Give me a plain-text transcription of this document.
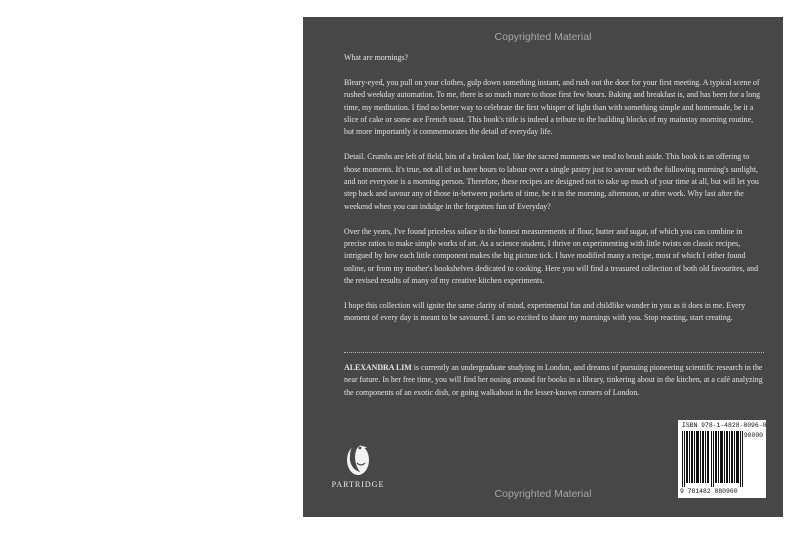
Copyrighted Material

What are mornings?

Bleary-eyed, you pull on your clothes, gulp down something instant, and rush out the door for your first meeting. A typical scene of rushed weekday automation. To me, there is so much more to those first few hours. Baking and breakfast is, and has been for a long time, my meditation. I find no better way to celebrate the first whisper of light than with something simple and homemade, be it a slice of cake or some ace French toast. This book's title is indeed a tribute to the building blocks of my mainstay morning routine, but more importantly it commemorates the detail of everyday life.

Detail. Crumbs are left of field, bits of a broken loaf, like the sacred moments we tend to brush aside. This book is an offering to those moments. It's true, not all of us have hours to labour over a single pastry just to savour with the following morning's sunlight, and not everyone is a morning person. Therefore, these recipes are designed not to take up much of your time at all, but will let you step back and savour any of those in-between pockets of time, be it in the morning, afternoon, or after work. Why last after the weekend when you can indulge in the forgotten fun of Everyday?

Over the years, I've found priceless solace in the honest measurements of flour, butter and sugar, of which you can combine in precise ratios to make simple works of art. As a science student, I thrive on experimenting with little twists on classic recipes, intrigued by how each little component makes the big picture tick. I have modified many a recipe, most of which I either found online, or from my mother's bookshelves dedicated to cooking. Here you will find a treasured collection of both old favourites, and the revised results of many of my creative kitchen experiments.

I hope this collection will ignite the same clarity of mind, experimental fun and childlike wonder in you as it does in me. Every moment of every day is meant to be savoured. I am so excited to share my mornings with you. Stop reacting, start creating.

ALEXANDRA LIM is currently an undergraduate studying in London, and dreams of pursuing pioneering scientific research in the near future. In her free time, you will find her nosing around for books in a library, tinkering about in the kitchen, at a café analyzing the components of an exotic dish, or going walkabout in the lesser-known corners of London.

PARTRIDGE
ISBN 978-1-4828-8096-0
90000
9 781482 880960
Copyrighted Material
